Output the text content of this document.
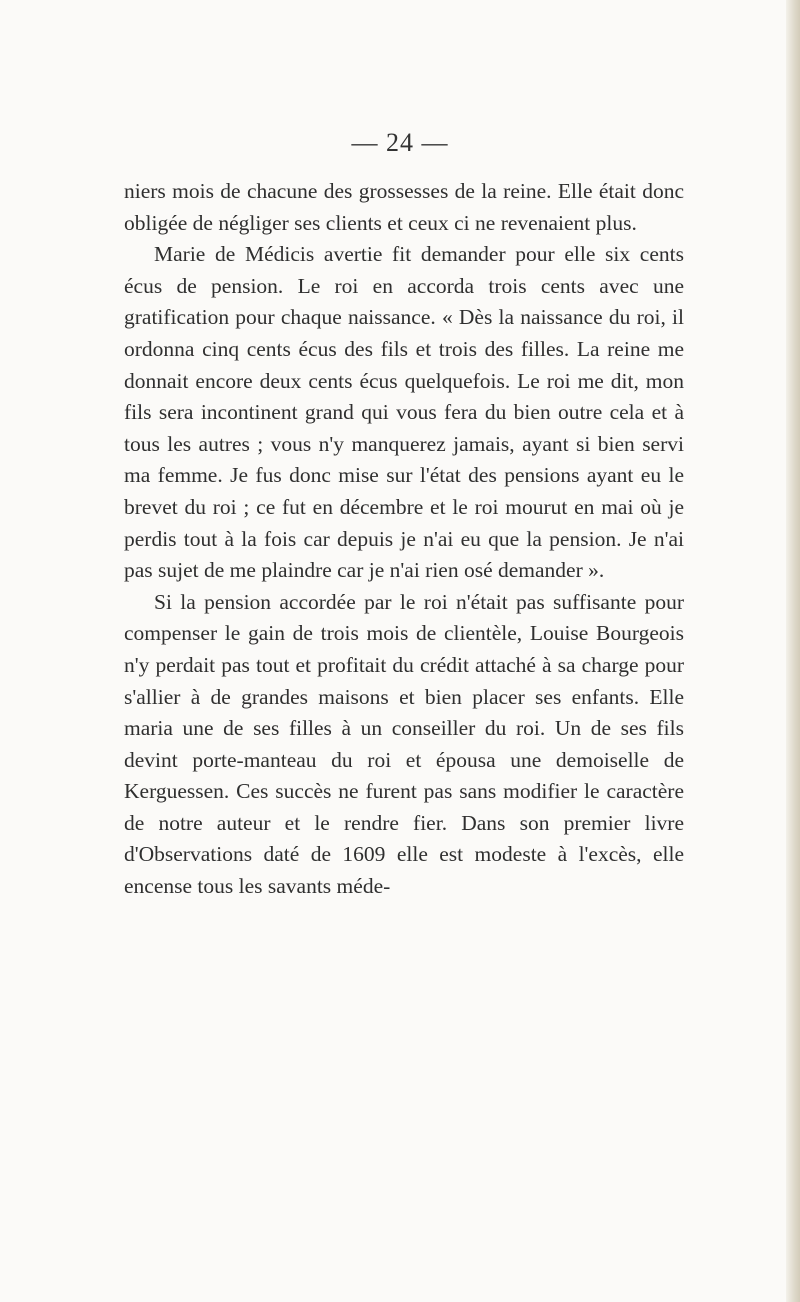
— 24 —

niers mois de chacune des grossesses de la reine. Elle était donc obligée de négliger ses clients et ceux ci ne revenaient plus.

Marie de Médicis avertie fit demander pour elle six cents écus de pension. Le roi en accorda trois cents avec une gratification pour chaque naissance. « Dès la naissance du roi, il ordonna cinq cents écus des fils et trois des filles. La reine me donnait encore deux cents écus quelquefois. Le roi me dit, mon fils sera incontinent grand qui vous fera du bien outre cela et à tous les autres ; vous n'y manquerez jamais, ayant si bien servi ma femme. Je fus donc mise sur l'état des pensions ayant eu le brevet du roi ; ce fut en décembre et le roi mourut en mai où je perdis tout à la fois car depuis je n'ai eu que la pension. Je n'ai pas sujet de me plaindre car je n'ai rien osé demander ».

Si la pension accordée par le roi n'était pas suffisante pour compenser le gain de trois mois de clientèle, Louise Bourgeois n'y perdait pas tout et profitait du crédit attaché à sa charge pour s'allier à de grandes maisons et bien placer ses enfants. Elle maria une de ses filles à un conseiller du roi. Un de ses fils devint porte-manteau du roi et épousa une demoiselle de Kerguessen. Ces succès ne furent pas sans modifier le caractère de notre auteur et le rendre fier. Dans son premier livre d'Observations daté de 1609 elle est modeste à l'excès, elle encense tous les savants méde-
